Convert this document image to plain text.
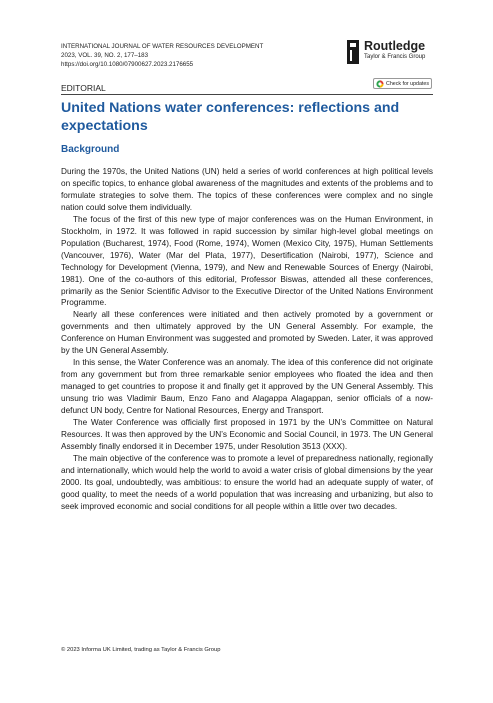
INTERNATIONAL JOURNAL OF WATER RESOURCES DEVELOPMENT
2023, VOL. 39, NO. 2, 177–183
https://doi.org/10.1080/07900627.2023.2176655
Routledge
Taylor & Francis Group
EDITORIAL	Check for updates
United Nations water conferences: reflections and expectations
Background

During the 1970s, the United Nations (UN) held a series of world conferences at high political levels on specific topics, to enhance global awareness of the magnitudes and extents of the problems and to formulate strategies to solve them. The topics of these conferences were complex and no single nation could solve them individually.

The focus of the first of this new type of major conferences was on the Human Environment, in Stockholm, in 1972. It was followed in rapid succession by similar high-level global meetings on Population (Bucharest, 1974), Food (Rome, 1974), Women (Mexico City, 1975), Human Settlements (Vancouver, 1976), Water (Mar del Plata, 1977), Desertification (Nairobi, 1977), Science and Technology for Development (Vienna, 1979), and New and Renewable Sources of Energy (Nairobi, 1981). One of the co-authors of this editorial, Professor Biswas, attended all these conferences, primarily as the Senior Scientific Advisor to the Executive Director of the United Nations Environment Programme.

Nearly all these conferences were initiated and then actively promoted by a government or governments and then ultimately approved by the UN General Assembly. For example, the Conference on Human Environment was suggested and promoted by Sweden. Later, it was approved by the UN General Assembly.

In this sense, the Water Conference was an anomaly. The idea of this conference did not originate from any government but from three remarkable senior employees who floated the idea and then managed to get countries to propose it and finally get it approved by the UN General Assembly. This unsung trio was Vladimir Baum, Enzo Fano and Alagappa Alagappan, senior officials of a now-defunct UN body, Centre for National Resources, Energy and Transport.

The Water Conference was officially first proposed in 1971 by the UN’s Committee on Natural Resources. It was then approved by the UN’s Economic and Social Council, in 1973. The UN General Assembly finally endorsed it in December 1975, under Resolution 3513 (XXX).

The main objective of the conference was to promote a level of preparedness nationally, regionally and internationally, which would help the world to avoid a water crisis of global dimensions by the year 2000. Its goal, undoubtedly, was ambitious: to ensure the world had an adequate supply of water, of good quality, to meet the needs of a world population that was increasing and urbanizing, but also to seek improved economic and social conditions for all people within a little over two decades.

© 2023 Informa UK Limited, trading as Taylor & Francis Group
